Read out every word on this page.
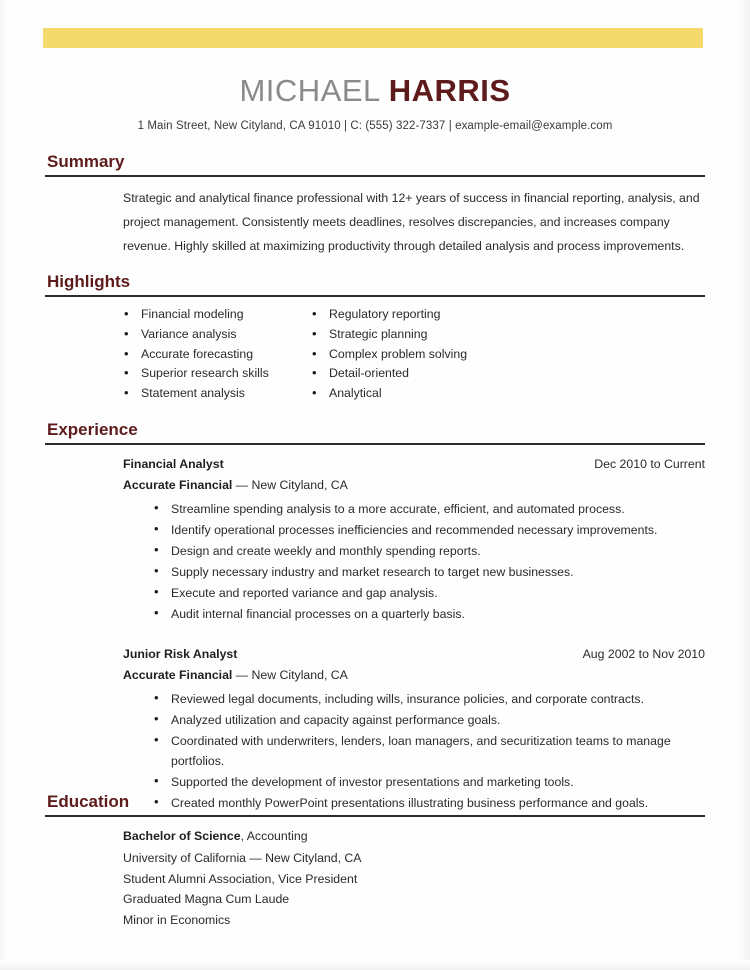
MICHAEL HARRIS
1 Main Street, New Cityland, CA 91010 | C: (555) 322-7337 | example-email@example.com
Summary
Strategic and analytical finance professional with 12+ years of success in financial reporting, analysis, and project management. Consistently meets deadlines, resolves discrepancies, and increases company revenue. Highly skilled at maximizing productivity through detailed analysis and process improvements.
Highlights
• Financial modeling
• Variance analysis
• Accurate forecasting
• Superior research skills
• Statement analysis
• Regulatory reporting
• Strategic planning
• Complex problem solving
• Detail-oriented
• Analytical
Experience
Financial Analyst	Dec 2010 to Current
Accurate Financial — New Cityland, CA
• Streamline spending analysis to a more accurate, efficient, and automated process.
• Identify operational processes inefficiencies and recommended necessary improvements.
• Design and create weekly and monthly spending reports.
• Supply necessary industry and market research to target new businesses.
• Execute and reported variance and gap analysis.
• Audit internal financial processes on a quarterly basis.
Junior Risk Analyst	Aug 2002 to Nov 2010
Accurate Financial — New Cityland, CA
• Reviewed legal documents, including wills, insurance policies, and corporate contracts.
• Analyzed utilization and capacity against performance goals.
• Coordinated with underwriters, lenders, loan managers, and securitization teams to manage portfolios.
• Supported the development of investor presentations and marketing tools.
• Created monthly PowerPoint presentations illustrating business performance and goals.
Education
Bachelor of Science, Accounting
University of California — New Cityland, CA
Student Alumni Association, Vice President
Graduated Magna Cum Laude
Minor in Economics
